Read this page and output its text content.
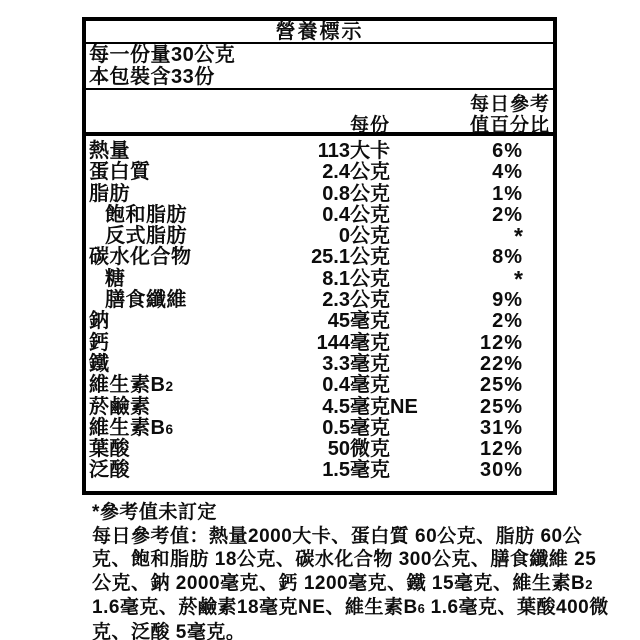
營養標示
每一份量30公克
本包裝含33份
每份
每日參考
值百分比
熱量	113大卡	6%
蛋白質	2.4公克	4%
脂肪	0.8公克	1%
飽和脂肪	0.4公克	2%
反式脂肪	0公克	*
碳水化合物	25.1公克	8%
糖	8.1公克	*
膳食纖維	2.3公克	9%
鈉	45毫克	2%
鈣	144毫克	12%
鐵	3.3毫克	22%
維生素B2	0.4毫克	25%
菸鹼素	4.5毫克 NE	25%
維生素B6	0.5毫克	31%
葉酸	50微克	12%
泛酸	1.5毫克	30%
*參考值未訂定
每日參考值：熱量2000大卡、蛋白質 60公克、脂肪 60公
克、飽和脂肪 18公克、碳水化合物 300公克、膳食纖維 25
公克、鈉 2000毫克、鈣 1200毫克、鐵 15毫克、維生素B2
1.6毫克、菸鹼素18毫克NE、維生素B6 1.6毫克、葉酸400微
克、泛酸 5毫克。
